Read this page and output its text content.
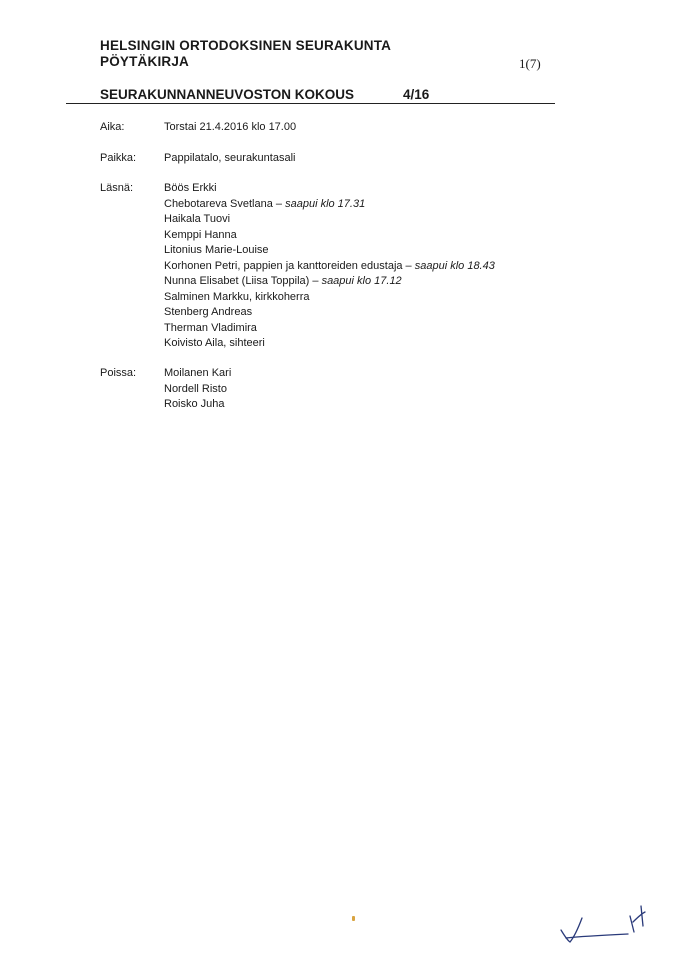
HELSINGIN ORTODOKSINEN SEURAKUNTA
PÖYTÄKIRJA	1(7)
SEURAKUNNANNEUVOSTON KOKOUS	4/16
Aika:	Torstai 21.4.2016 klo 17.00
Paikka:	Pappilatalo, seurakuntasali
Läsnä:	Böös Erkki
Chebotareva Svetlana – saapui klo 17.31
Haikala Tuovi
Kemppi Hanna
Litonius Marie-Louise
Korhonen Petri, pappien ja kanttoreiden edustaja – saapui klo 18.43
Nunna Elisabet (Liisa Toppila) – saapui klo 17.12
Salminen Markku, kirkkoherra
Stenberg Andreas
Therman Vladimira
Koivisto Aila, sihteeri
Poissa:	Moilanen Kari
Nordell Risto
Roisko Juha
